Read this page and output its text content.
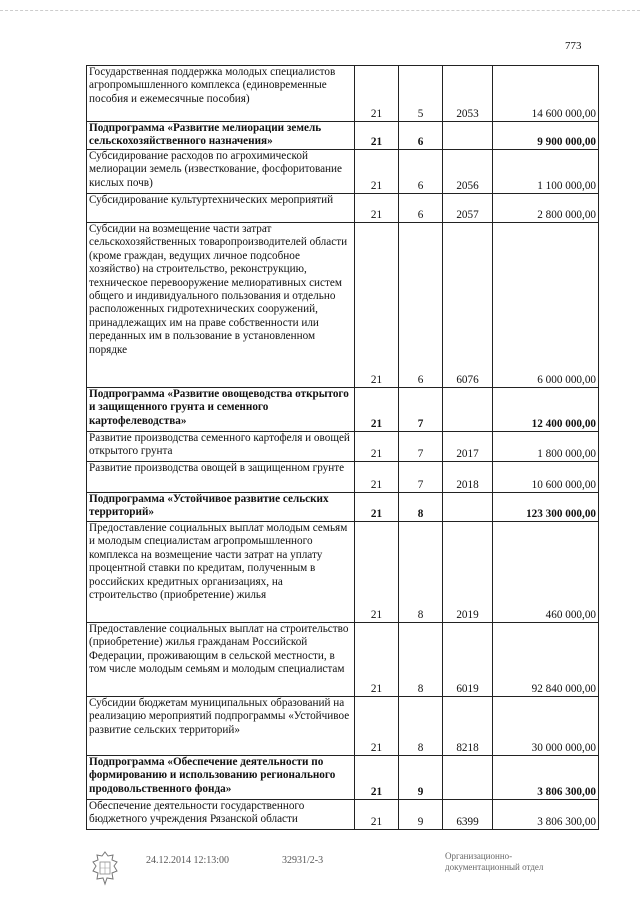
773
Государственная поддержка молодых специалистов агропромышленного комплекса (единовременные пособия и ежемесячные пособия)	21	5	2053	14 600 000,00
Подпрограмма «Развитие мелиорации земель сельскохозяйственного назначения»	21	6		9 900 000,00
Субсидирование расходов по агрохимической мелиорации земель (известкование, фосфоритование кислых почв)	21	6	2056	1 100 000,00
Субсидирование культуртехнических мероприятий	21	6	2057	2 800 000,00
Субсидии на возмещение части затрат сельскохозяйственных товаропроизводителей области (кроме граждан, ведущих личное подсобное хозяйство) на строительство, реконструкцию, техническое перевооружение мелиоративных систем общего и индивидуального пользования и отдельно расположенных гидротехнических сооружений, принадлежащих им на праве собственности или переданных им в пользование в установленном порядке	21	6	6076	6 000 000,00
Подпрограмма «Развитие овощеводства открытого и защищенного грунта и семенного картофелеводства»	21	7		12 400 000,00
Развитие производства семенного картофеля и овощей открытого грунта	21	7	2017	1 800 000,00
Развитие производства овощей в защищенном грунте	21	7	2018	10 600 000,00
Подпрограмма «Устойчивое развитие сельских территорий»	21	8		123 300 000,00
Предоставление социальных выплат молодым семьям и молодым специалистам агропромышленного комплекса на возмещение части затрат на уплату процентной ставки по кредитам, полученным в российских кредитных организациях, на строительство (приобретение) жилья	21	8	2019	460 000,00
Предоставление социальных выплат на строительство (приобретение) жилья гражданам Российской Федерации, проживающим в сельской местности, в том числе молодым семьям и молодым специалистам	21	8	6019	92 840 000,00
Субсидии бюджетам муниципальных образований на реализацию мероприятий подпрограммы «Устойчивое развитие сельских территорий»	21	8	8218	30 000 000,00
Подпрограмма «Обеспечение деятельности по формированию и использованию регионального продовольственного фонда»	21	9		3 806 300,00
Обеспечение деятельности государственного бюджетного учреждения Рязанской области	21	9	6399	3 806 300,00
24.12.2014 12:13:00	32931/2-3	Организационно-
документационный отдел
